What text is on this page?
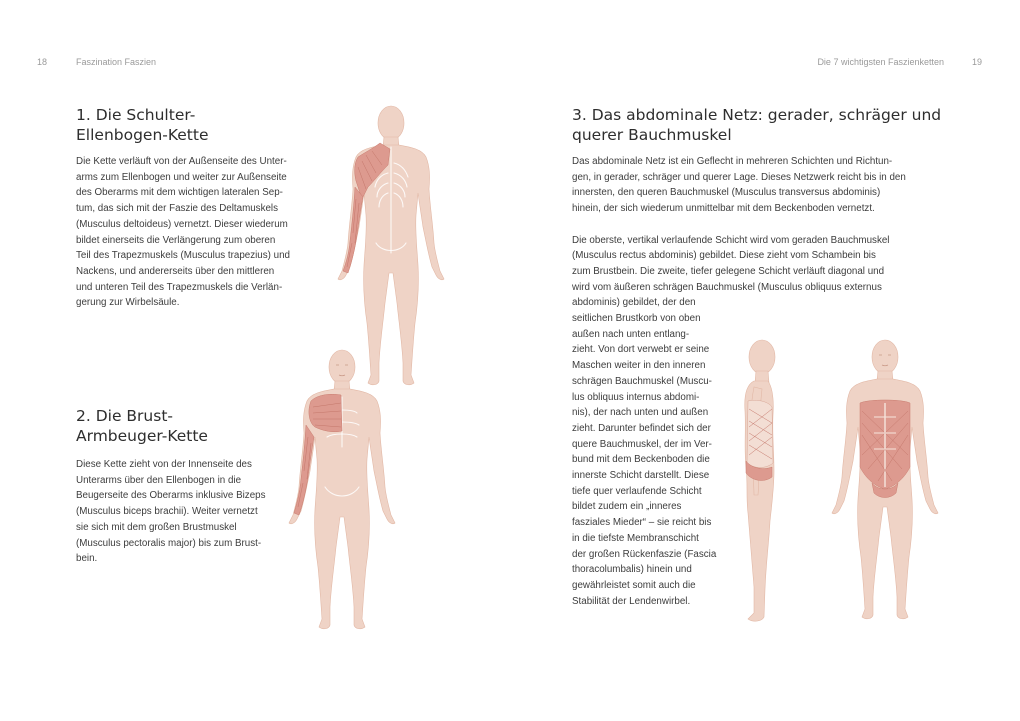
18	Faszination Faszien
1. Die Schulter-
Ellenbogen-Kette
Die Kette verläuft von der Außenseite des Unter-
arms zum Ellenbogen und weiter zur Außenseite
des Oberarms mit dem wichtigen lateralen Sep-
tum, das sich mit der Faszie des Deltamuskels
(Musculus deltoideus) vernetzt. Dieser wiederum
bildet einerseits die Verlängerung zum oberen
Teil des Trapezmuskels (Musculus trapezius) und
Nackens, und andererseits über den mittleren
und unteren Teil des Trapezmuskels die Verlän-
gerung zur Wirbelsäule.
2. Die Brust-
Armbeuger-Kette
Diese Kette zieht von der Innenseite des
Unterarms über den Ellenbogen in die
Beugerseite des Oberarms inklusive Bizeps
(Musculus biceps brachii). Weiter vernetzt
sie sich mit dem großen Brustmuskel
(Musculus pectoralis major) bis zum Brust-
bein.
Die 7 wichtigsten Faszienketten	19
3. Das abdominale Netz: gerader, schräger und
querer Bauchmuskel
Das abdominale Netz ist ein Geflecht in mehreren Schichten und Richtun-
gen, in gerader, schräger und querer Lage. Dieses Netzwerk reicht bis in den
innersten, den queren Bauchmuskel (Musculus transversus abdominis)
hinein, der sich wiederum unmittelbar mit dem Beckenboden vernetzt.
Die oberste, vertikal verlaufende Schicht wird vom geraden Bauchmuskel
(Musculus rectus abdominis) gebildet. Diese zieht vom Schambein bis
zum Brustbein. Die zweite, tiefer gelegene Schicht verläuft diagonal und
wird vom äußeren schrägen Bauchmuskel (Musculus obliquus externus
abdominis) gebildet, der den
seitlichen Brustkorb von oben
außen nach unten entlang-
zieht. Von dort verwebt er seine
Maschen weiter in den inneren
schrägen Bauchmuskel (Muscu-
lus obliquus internus abdomi-
nis), der nach unten und außen
zieht. Darunter befindet sich der
quere Bauchmuskel, der im Ver-
bund mit dem Beckenboden die
innerste Schicht darstellt. Diese
tiefe quer verlaufende Schicht
bildet zudem ein „inneres
fasziales Mieder“ – sie reicht bis
in die tiefste Membranschicht
der großen Rückenfaszie (Fascia
thoracolumbalis) hinein und
gewährleistet somit auch die
Stabilität der Lendenwirbel.
